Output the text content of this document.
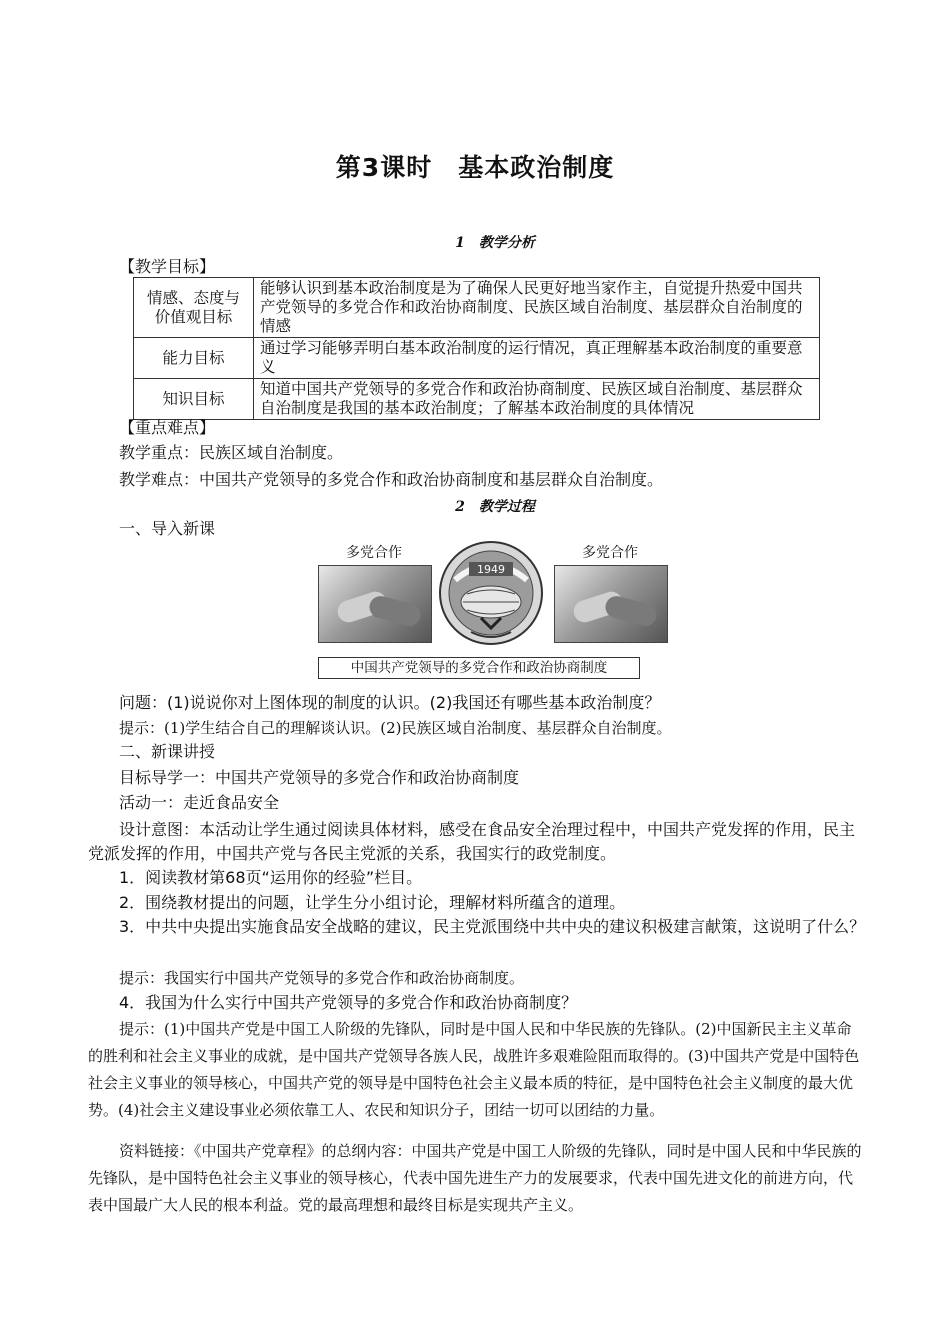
第3课时　基本政治制度
1　教学分析
【教学目标】
情感、态度与价值观目标	能够认识到基本政治制度是为了确保人民更好地当家作主，自觉提升热爱中国共产党领导的多党合作和政治协商制度、民族区域自治制度、基层群众自治制度的情感
能力目标	通过学习能够弄明白基本政治制度的运行情况，真正理解基本政治制度的重要意义
知识目标	知道中国共产党领导的多党合作和政治协商制度、民族区域自治制度、基层群众自治制度是我国的基本政治制度；了解基本政治制度的具体情况
【重点难点】
教学重点：民族区域自治制度。
教学难点：中国共产党领导的多党合作和政治协商制度和基层群众自治制度。
2　教学过程
一、导入新课
多党合作
1949
多党合作
中国共产党领导的多党合作和政治协商制度
问题：(1)说说你对上图体现的制度的认识。(2)我国还有哪些基本政治制度？
提示：(1)学生结合自己的理解谈认识。(2)民族区域自治制度、基层群众自治制度。
二、新课讲授
目标导学一：中国共产党领导的多党合作和政治协商制度
活动一：走近食品安全
设计意图：本活动让学生通过阅读具体材料，感受在食品安全治理过程中，中国共产党发挥的作用，民主党派发挥的作用，中国共产党与各民主党派的关系，我国实行的政党制度。
1．阅读教材第68页“运用你的经验”栏目。
2．围绕教材提出的问题，让学生分小组讨论，理解材料所蕴含的道理。
3．中共中央提出实施食品安全战略的建议，民主党派围绕中共中央的建议积极建言献策，这说明了什么？
提示：我国实行中国共产党领导的多党合作和政治协商制度。
4．我国为什么实行中国共产党领导的多党合作和政治协商制度？
提示：(1)中国共产党是中国工人阶级的先锋队，同时是中国人民和中华民族的先锋队。(2)中国新民主主义革命的胜利和社会主义事业的成就，是中国共产党领导各族人民，战胜许多艰难险阻而取得的。(3)中国共产党是中国特色社会主义事业的领导核心，中国共产党的领导是中国特色社会主义最本质的特征，是中国特色社会主义制度的最大优势。(4)社会主义建设事业必须依靠工人、农民和知识分子，团结一切可以团结的力量。
资料链接：《中国共产党章程》的总纲内容：中国共产党是中国工人阶级的先锋队，同时是中国人民和中华民族的先锋队，是中国特色社会主义事业的领导核心，代表中国先进生产力的发展要求，代表中国先进文化的前进方向，代表中国最广大人民的根本利益。党的最高理想和最终目标是实现共产主义。
